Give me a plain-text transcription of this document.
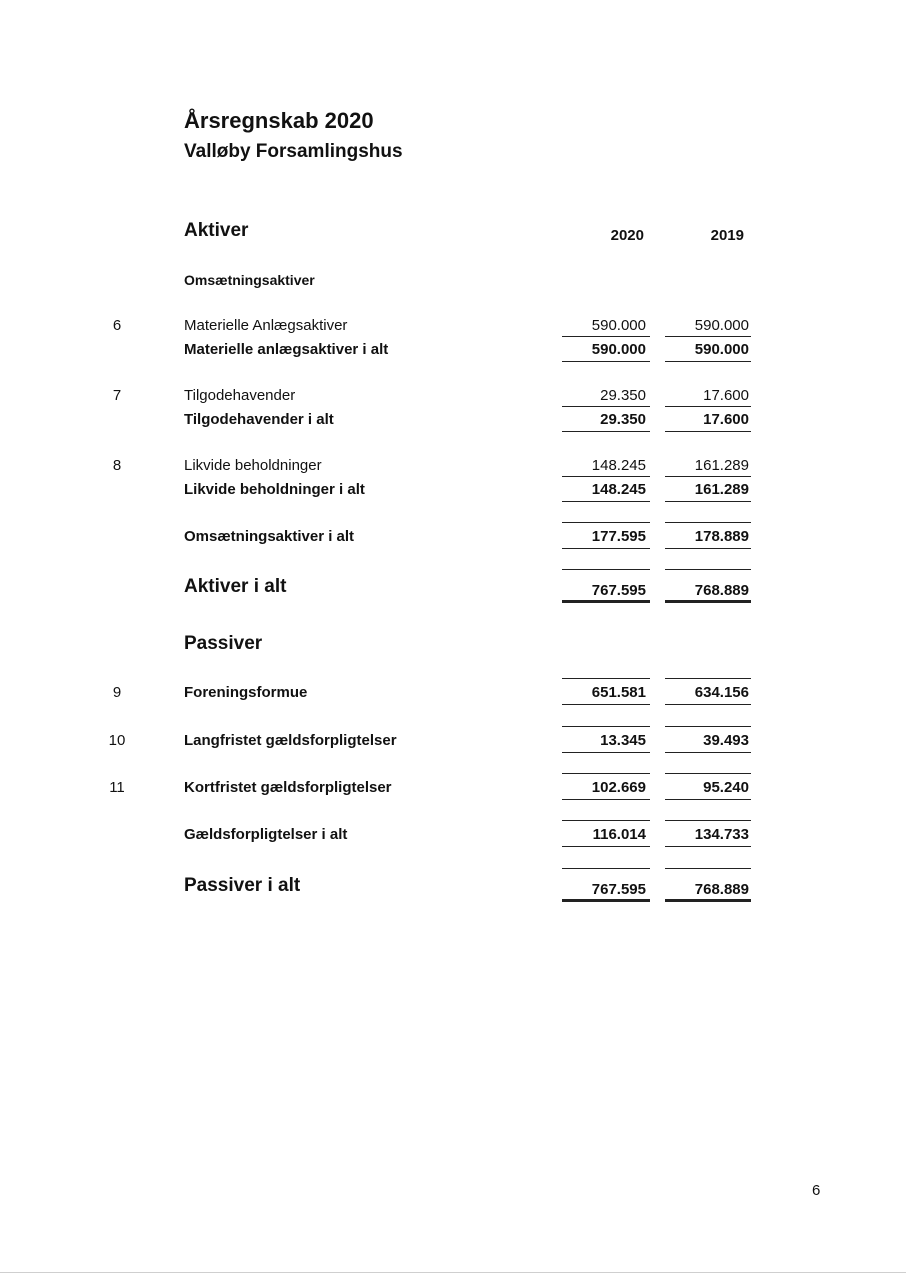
Årsregnskab 2020
Valløby Forsamlingshus
Aktiver	2020	2019
Omsætningsaktiver
6	Materielle Anlægsaktiver	590.000	590.000
Materielle anlægsaktiver i alt	590.000	590.000
7	Tilgodehavender	29.350	17.600
Tilgodehavender i alt	29.350	17.600
8	Likvide beholdninger	148.245	161.289
Likvide beholdninger i alt	148.245	161.289
Omsætningsaktiver i alt	177.595	178.889
Aktiver i alt	767.595	768.889
Passiver
9	Foreningsformue	651.581	634.156
10	Langfristet gældsforpligtelser	13.345	39.493
11	Kortfristet gældsforpligtelser	102.669	95.240
Gældsforpligtelser i alt	116.014	134.733
Passiver i alt	767.595	768.889
6
